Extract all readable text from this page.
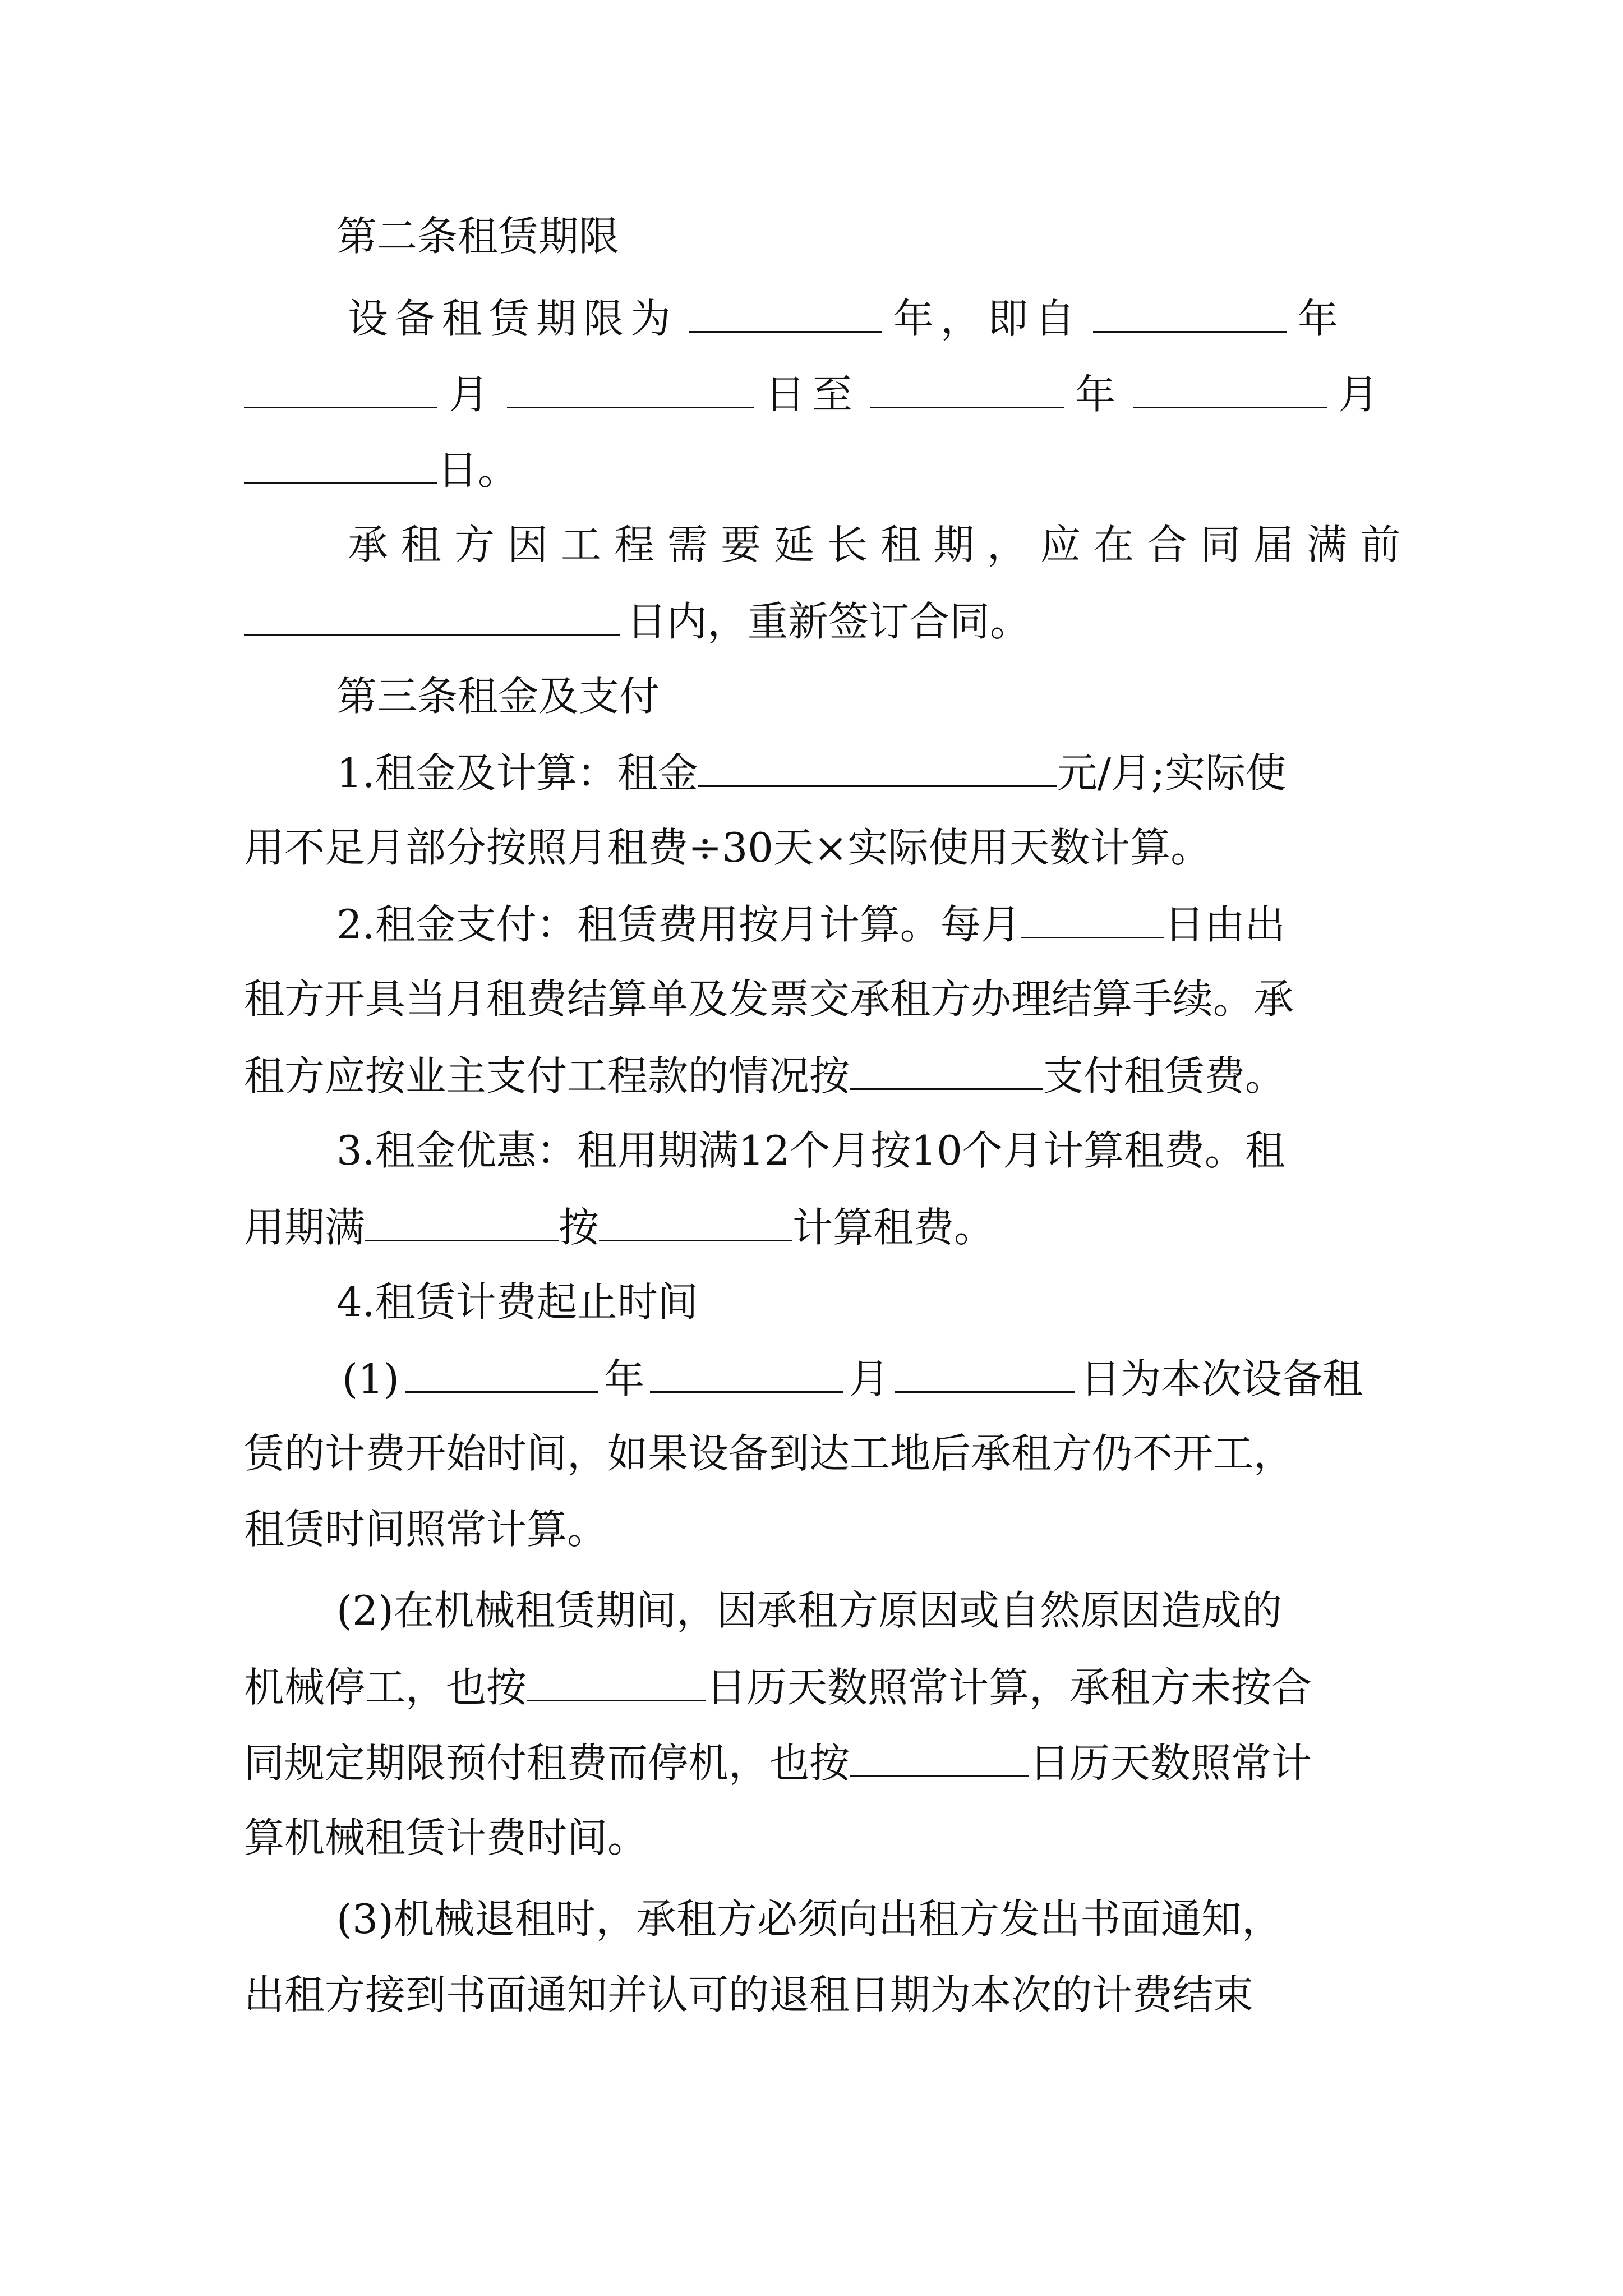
第二条租赁期限
设备租赁期限为	年，即自	年
月	日至	年	月
日。
承租方因工程需要延长租期，应在合同届满前
日内，重新签订合同。
第三条租金及支付
1.租金及计算：租金	元/月;实际使
用不足月部分按照月租费÷30天×实际使用天数计算。
2.租金支付：租赁费用按月计算。每月	日由出
租方开具当月租费结算单及发票交承租方办理结算手续。承
租方应按业主支付工程款的情况按	支付租赁费。
3.租金优惠：租用期满12个月按10个月计算租费。租
用期满	按	计算租费。
4.租赁计费起止时间
(1)	年	月	日为本次设备租
赁的计费开始时间，如果设备到达工地后承租方仍不开工，
租赁时间照常计算。
(2)在机械租赁期间，因承租方原因或自然原因造成的
机械停工，也按	日历天数照常计算，承租方未按合
同规定期限预付租费而停机，也按	日历天数照常计
算机械租赁计费时间。
(3)机械退租时，承租方必须向出租方发出书面通知，
出租方接到书面通知并认可的退租日期为本次的计费结束
